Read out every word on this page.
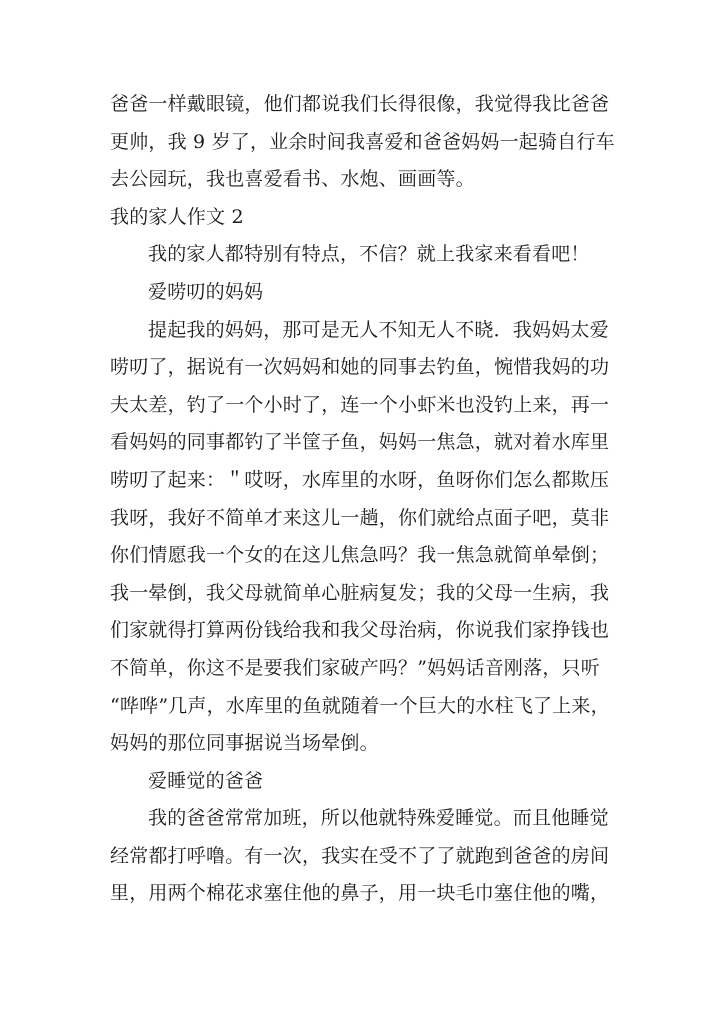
爸爸一样戴眼镜，他们都说我们长得很像，我觉得我比爸爸
更帅，我 9 岁了，业余时间我喜爱和爸爸妈妈一起骑自行车
去公园玩，我也喜爱看书、水炮、画画等。
我的家人作文 2
我的家人都特别有特点，不信？就上我家来看看吧！
爱唠叨的妈妈
提起我的妈妈，那可是无人不知无人不晓．我妈妈太爱
唠叨了，据说有一次妈妈和她的同事去钓鱼，惋惜我妈的功
夫太差，钓了一个小时了，连一个小虾米也没钓上来，再一
看妈妈的同事都钓了半筐子鱼，妈妈一焦急，就对着水库里
唠叨了起来：＂哎呀，水库里的水呀，鱼呀你们怎么都欺压
我呀，我好不简单才来这儿一趟，你们就给点面子吧，莫非
你们情愿我一个女的在这儿焦急吗？我一焦急就简单晕倒；
我一晕倒，我父母就简单心脏病复发；我的父母一生病，我
们家就得打算两份钱给我和我父母治病，你说我们家挣钱也
不简单，你这不是要我们家破产吗？”妈妈话音刚落，只听
“哗哗”几声，水库里的鱼就随着一个巨大的水柱飞了上来，
妈妈的那位同事据说当场晕倒。
爱睡觉的爸爸
我的爸爸常常加班，所以他就特殊爱睡觉。而且他睡觉
经常都打呼噜。有一次，我实在受不了了就跑到爸爸的房间
里，用两个棉花求塞住他的鼻子，用一块毛巾塞住他的嘴，
